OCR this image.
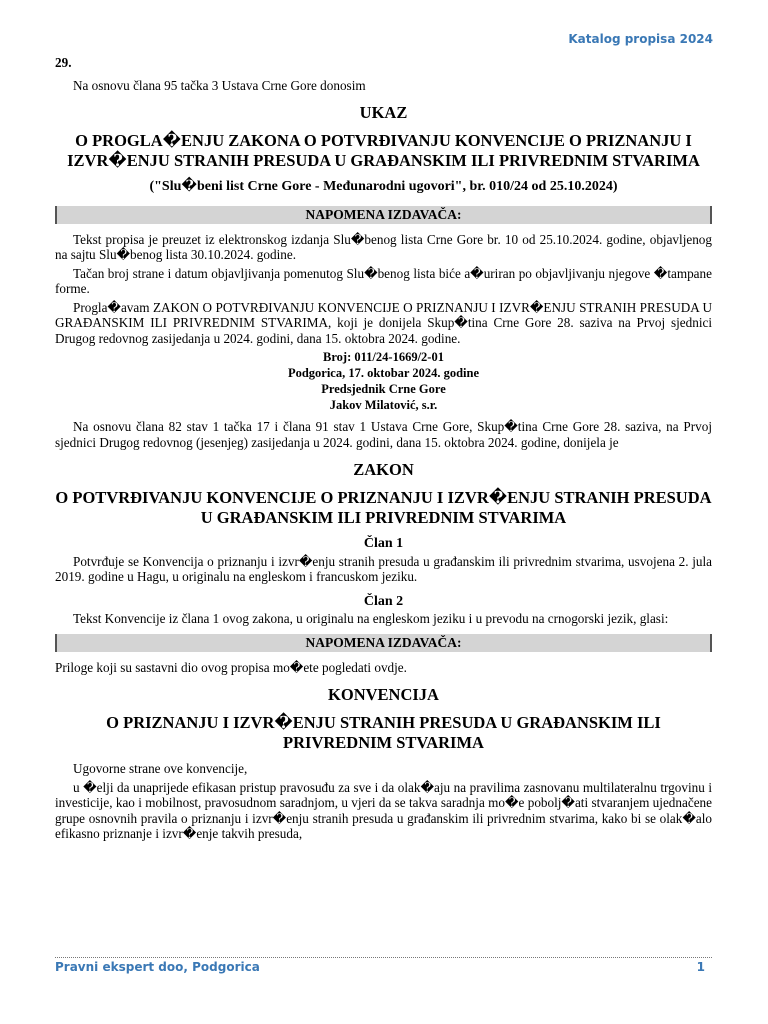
Katalog propisa 2024
29.
Na osnovu člana 95 tačka 3 Ustava Crne Gore donosim
UKAZ
O PROGLA�ENJU ZAKONA O POTVRĐIVANJU KONVENCIJE O PRIZNANJU I IZVR�ENJU STRANIH PRESUDA U GRAĐANSKIM ILI PRIVREDNIM STVARIMA
("Slu�beni list Crne Gore - Međunarodni ugovori", br. 010/24 od 25.10.2024)
NAPOMENA IZDAVAČA:
Tekst propisa je preuzet iz elektronskog izdanja Slu�benog lista Crne Gore br. 10 od 25.10.2024. godine, objavljenog na sajtu Slu�benog lista 30.10.2024. godine.
Tačan broj strane i datum objavljivanja pomenutog Slu�benog lista biće a�uriran po objavljivanju njegove �tampane forme.
Progla�avam ZAKON O POTVRĐIVANJU KONVENCIJE O PRIZNANJU I IZVR�ENJU STRANIH PRESUDA U GRAĐANSKIM ILI PRIVREDNIM STVARIMA, koji je donijela Skup�tina Crne Gore 28. saziva na Prvoj sjednici Drugog redovnog zasijedanja u 2024. godini, dana 15. oktobra 2024. godine.
Broj: 011/24-1669/2-01
Podgorica, 17. oktobar 2024. godine
Predsjednik Crne Gore
Jakov Milatović, s.r.
Na osnovu člana 82 stav 1 tačka 17 i člana 91 stav 1 Ustava Crne Gore, Skup�tina Crne Gore 28. saziva, na Prvoj sjednici Drugog redovnog (jesenjeg) zasijedanja u 2024. godini, dana 15. oktobra 2024. godine, donijela je
ZAKON
O POTVRĐIVANJU KONVENCIJE O PRIZNANJU I IZVR�ENJU STRANIH PRESUDA U GRAĐANSKIM ILI PRIVREDNIM STVARIMA
Član 1
Potvrđuje se Konvencija o priznanju i izvr�enju stranih presuda u građanskim ili privrednim stvarima, usvojena 2. jula 2019. godine u Hagu, u originalu na engleskom i francuskom jeziku.
Član 2
Tekst Konvencije iz člana 1 ovog zakona, u originalu na engleskom jeziku i u prevodu na crnogorski jezik, glasi:
NAPOMENA IZDAVAČA:
Priloge koji su sastavni dio ovog propisa mo�ete pogledati ovdje.
KONVENCIJA
O PRIZNANJU I IZVR�ENJU STRANIH PRESUDA U GRAĐANSKIM ILI PRIVREDNIM STVARIMA
Ugovorne strane ove konvencije,
u �elji da unaprijede efikasan pristup pravosuđu za sve i da olak�aju na pravilima zasnovanu multilateralnu trgovinu i investicije, kao i mobilnost, pravosudnom saradnjom, u vjeri da se takva saradnja mo�e pobolj�ati stvaranjem ujednačene grupe osnovnih pravila o priznanju i izvr�enju stranih presuda u građanskim ili privrednim stvarima, kako bi se olak�alo efikasno priznanje i izvr�enje takvih presuda,
Pravni ekspert doo, Podgorica	1
